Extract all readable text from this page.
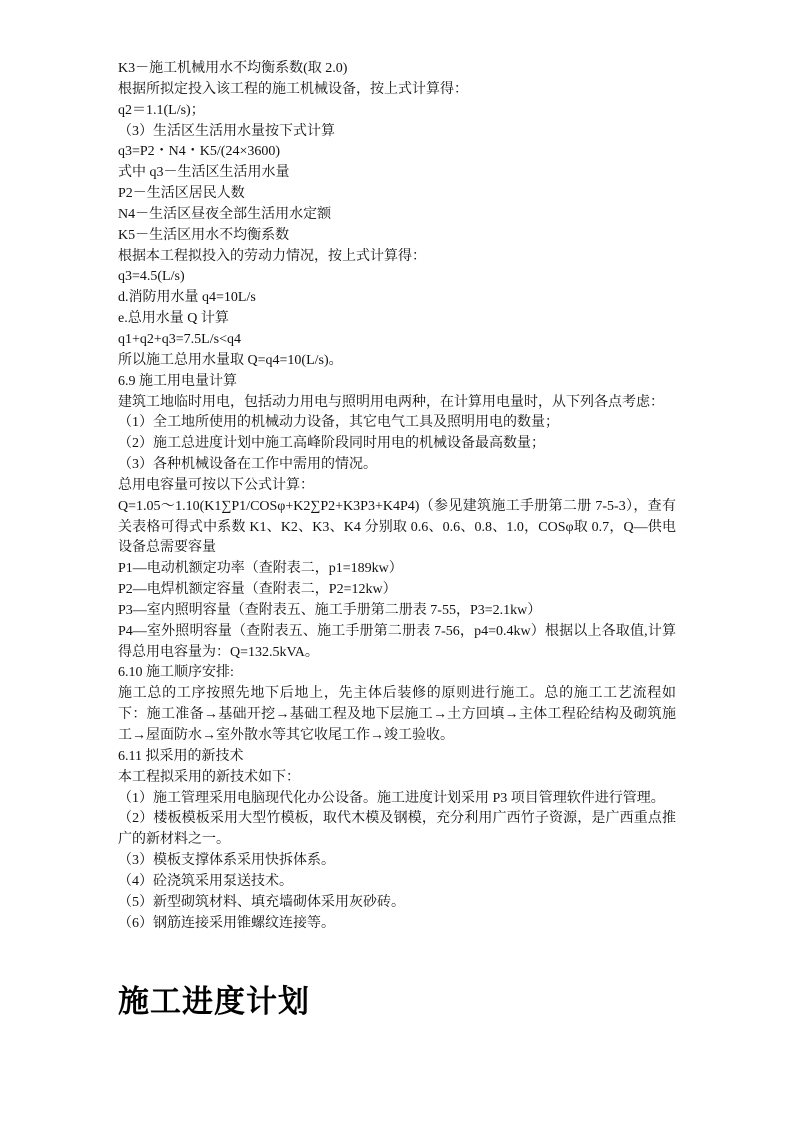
K3－施工机械用水不均衡系数(取 2.0)

根据所拟定投入该工程的施工机械设备，按上式计算得：

q2＝1.1(L/s)；

（3）生活区生活用水量按下式计算

q3=P2・N4・K5/(24×3600)

式中 q3－生活区生活用水量

P2－生活区居民人数

N4－生活区昼夜全部生活用水定额

K5－生活区用水不均衡系数

根据本工程拟投入的劳动力情况，按上式计算得：

q3=4.5(L/s)

d.消防用水量 q4=10L/s

e.总用水量 Q 计算

q1+q2+q3=7.5L/s<q4

所以施工总用水量取 Q=q4=10(L/s)。

6.9 施工用电量计算

建筑工地临时用电，包括动力用电与照明用电两种，在计算用电量时，从下列各点考虑：

（1）全工地所使用的机械动力设备，其它电气工具及照明用电的数量；

（2）施工总进度计划中施工高峰阶段同时用电的机械设备最高数量；

（3）各种机械设备在工作中需用的情况。

总用电容量可按以下公式计算：

Q=1.05～1.10(K1∑P1/COSφ+K2∑P2+K3P3+K4P4)（参见建筑施工手册第二册 7-5-3），查有关表格可得式中系数 K1、K2、K3、K4 分别取 0.6、0.6、0.8、1.0，COSφ取 0.7，Q—供电设备总需要容量

P1—电动机额定功率（查附表二，p1=189kw）

P2—电焊机额定容量（查附表二，P2=12kw）

P3—室内照明容量（查附表五、施工手册第二册表 7-55，P3=2.1kw）

P4—室外照明容量（查附表五、施工手册第二册表 7-56，p4=0.4kw）根据以上各取值,计算得总用电容量为：Q=132.5kVA。

6.10 施工顺序安排:

施工总的工序按照先地下后地上，先主体后装修的原则进行施工。总的施工工艺流程如下：施工准备→基础开挖→基础工程及地下层施工→土方回填→主体工程砼结构及砌筑施工→屋面防水→室外散水等其它收尾工作→竣工验收。

6.11 拟采用的新技术

本工程拟采用的新技术如下：

（1）施工管理采用电脑现代化办公设备。施工进度计划采用 P3 项目管理软件进行管理。

（2）楼板模板采用大型竹模板，取代木模及钢模，充分利用广西竹子资源，是广西重点推广的新材料之一。

（3）模板支撑体系采用快拆体系。

（4）砼浇筑采用泵送技术。

（5）新型砌筑材料、填充墙砌体采用灰砂砖。

（6）钢筋连接采用锥螺纹连接等。

施工进度计划
